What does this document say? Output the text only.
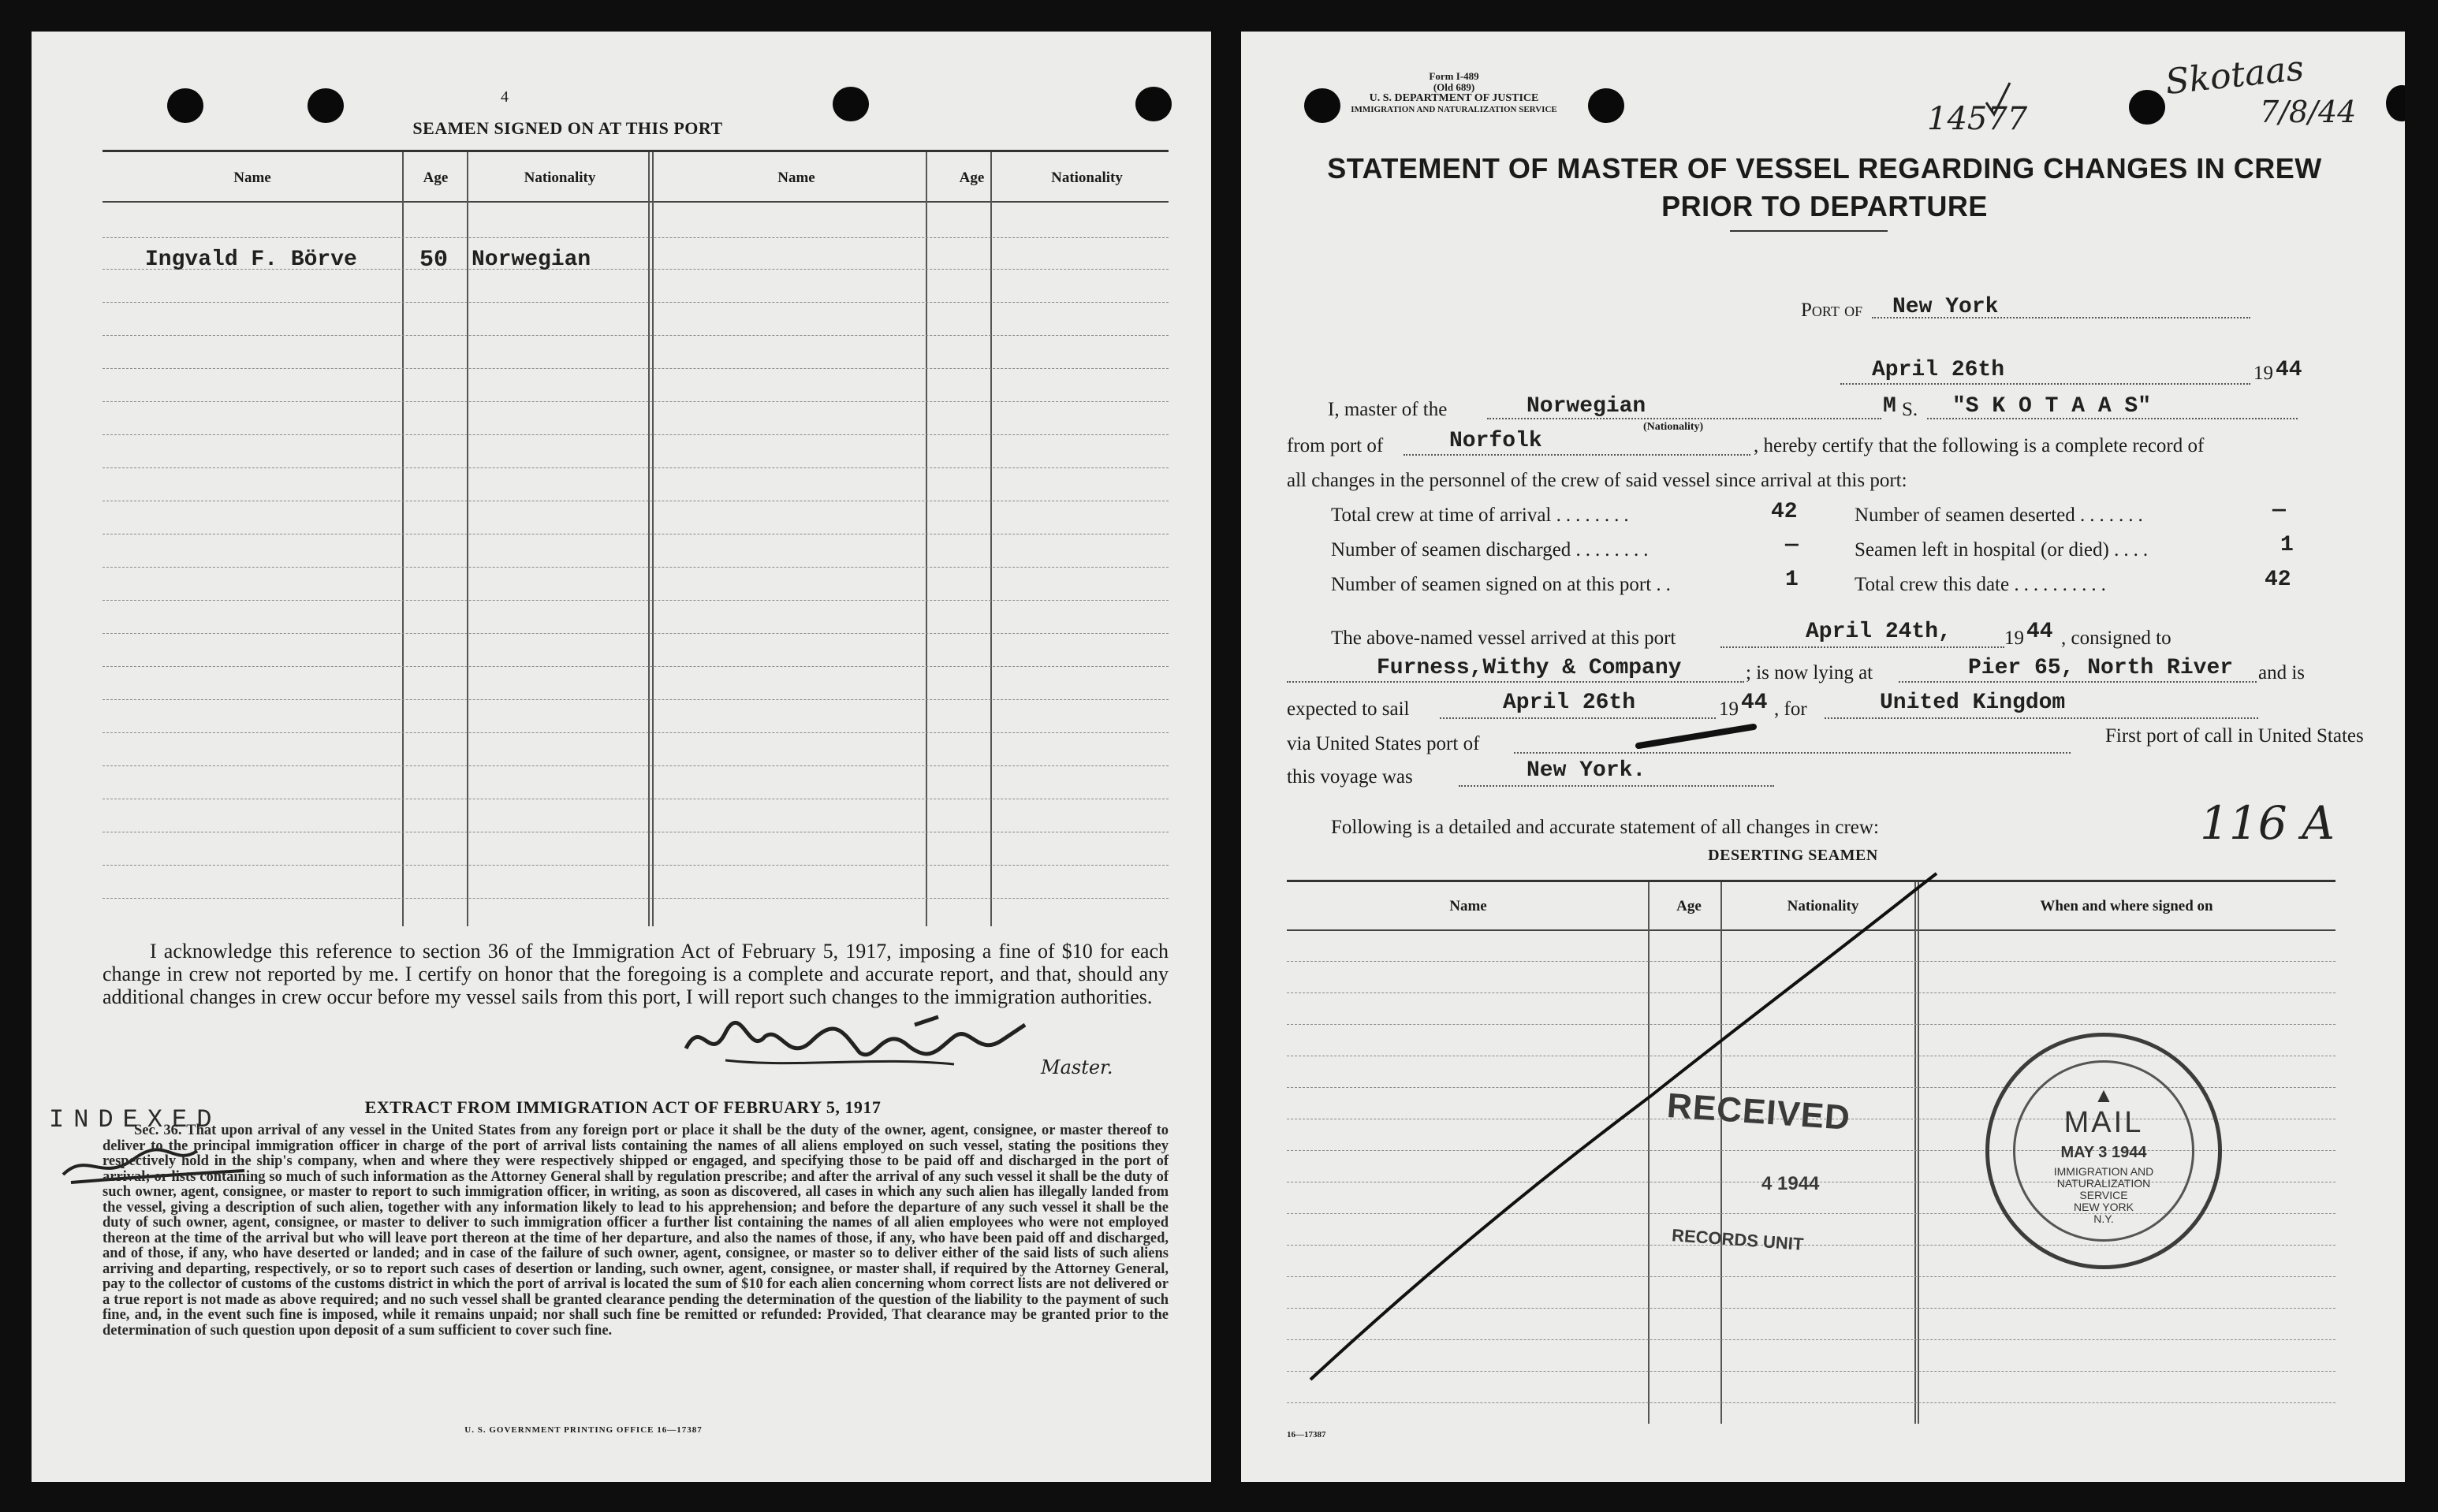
4
SEAMEN SIGNED ON AT THIS PORT
Name	Age	Nationality	Name	Age	Nationality
Ingvald F. Börve	50 Norwegian
I acknowledge this reference to section 36 of the Immigration Act of February 5, 1917, imposing a fine of $10 for each change in crew not reported by me. I certify on honor that the foregoing is a complete and accurate report, and that, should any additional changes in crew occur before my vessel sails from this port, I will report such changes to the immigration authorities.
Master.
INDEXED	EXTRACT FROM IMMIGRATION ACT OF FEBRUARY 5, 1917
Sec. 36. That upon arrival of any vessel in the United States from any foreign port or place it shall be the duty of the owner, agent, consignee, or master thereof to deliver to the principal immigration officer in charge of the port of arrival lists containing the names of all aliens employed on such vessel, stating the positions they respectively hold in the ship's company, when and where they were respectively shipped or engaged, and specifying those to be paid off and discharged in the port of arrival; or lists containing so much of such information as the Attorney General shall by regulation prescribe; and after the arrival of any such vessel it shall be the duty of such owner, agent, consignee, or master to report to such immigration officer, in writing, as soon as discovered, all cases in which any such alien has illegally landed from the vessel, giving a description of such alien, together with any information likely to lead to his apprehension; and before the departure of any such vessel it shall be the duty of such owner, agent, consignee, or master to deliver to such immigration officer a further list containing the names of all alien employees who were not employed thereon at the time of the arrival but who will leave port thereon at the time of her departure, and also the names of those, if any, who have been paid off and discharged, and of those, if any, who have deserted or landed; and in case of the failure of such owner, agent, consignee, or master so to deliver either of the said lists of such aliens arriving and departing, respectively, or so to report such cases of desertion or landing, such owner, agent, consignee, or master shall, if required by the Attorney General, pay to the collector of customs of the customs district in which the port of arrival is located the sum of $10 for each alien concerning whom correct lists are not delivered or a true report is not made as above required; and no such vessel shall be granted clearance pending the determination of the question of the liability to the payment of such fine, and, in the event such fine is imposed, while it remains unpaid; nor shall such fine be remitted or refunded: Provided, That clearance may be granted prior to the determination of such question upon deposit of a sum sufficient to cover such fine.
U. S. GOVERNMENT PRINTING OFFICE 16—17387
Form I-489
(Old 689)
U. S. DEPARTMENT OF JUSTICE
IMMIGRATION AND NATURALIZATION SERVICE	14577
Skotaas
7/8/44
STATEMENT OF MASTER OF VESSEL REGARDING CHANGES IN CREW
PRIOR TO DEPARTURE
Port of New York
April 26th	19 44
I, master of the	Norwegian	M S. "S K O T A A S"
(Nationality)
from port of	Norfolk	, hereby certify that the following is a complete record of
all changes in the personnel of the crew of said vessel since arrival at this port:
Total crew at time of arrival ........	42
Number of seamen discharged ........	—
Number of seamen signed on at this port ..	1
Number of seamen deserted .......	—
Seamen left in hospital (or died) ....	1
Total crew this date ..........	42
The above-named vessel arrived at this port	April 24th,	19 44 , consigned to
Furness,Withy & Company	; is now lying at	Pier 65, North River and is
expected to sail	April 26th	19 44 , for	United Kingdom
via United States port of	First port of call in United States
this voyage was	New York.
Following is a detailed and accurate statement of all changes in crew:	116 A
DESERTING SEAMEN
Name	Age	Nationality	When and where signed on
RECEIVED
4 1944
RECORDS UNIT
▲
MAIL
MAY 3 1944
IMMIGRATION AND
NATURALIZATION
SERVICE
NEW YORK
N.Y.
16—17387
